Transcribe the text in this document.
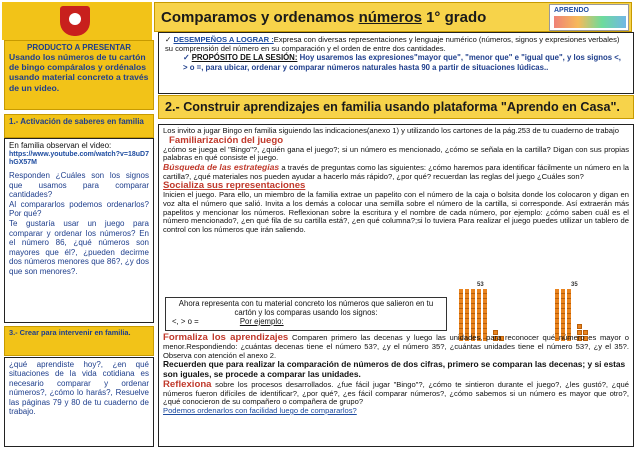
Comparamos y ordenamos números 1° grado	APRENDO
PRODUCTO A PRESENTAR

Usando los números de tu cartón de bingo compáralos y ordénalos usando material concreto a través de un video.

✓ DESEMPEÑOS A LOGRAR :Expresa con diversas representaciones y lenguaje numérico (números, signos y expresiones verbales) su comprensión del número en su comparación y el orden de entre dos cantidades.
✓ PROPÓSITO DE LA SESIÓN: Hoy usaremos las expresiones"mayor que", "menor que" e "igual que", y los signos <, > o =, para ubicar, ordenar y comparar números naturales hasta 90 a partir de situaciones lúdicas..
2.- Construir aprendizajes en familia usando plataforma "Aprendo en Casa".
1.- Activación de saberes en familia
En familia observan el video:
https://www.youtube.com/watch?v=18uD7hGX57M
Responden ¿Cuáles son los signos que usamos para comparar cantidades?
Al compararlos podemos ordenarlos? Por qué?
Te gustaría usar un juego para comparar y ordenar los números? En el número 86, ¿qué números son mayores que él?, ¿pueden decirme dos números menores que 86?, ¿y dos que son menores?.
3.- Crear para intervenir en familia.
¿qué aprendiste hoy?, ¿en qué situaciones de la vida cotidiana es necesario comparar y ordenar números?, ¿cómo lo harás?, Resuelve las páginas 79 y 80 de tu cuaderno de trabajo.
Los invito a jugar Bingo en familia siguiendo las indicaciones(anexo 1) y utilizando los cartones de la pág.253 de tu cuaderno de trabajo
Familiarización del juego
¿cómo se juega el "Bingo"?, ¿quién gana el juego?; si un número es mencionado, ¿cómo se señala en la cartilla? Digan con sus propias palabras en qué consiste el juego.
Búsqueda de las estrategias a través de preguntas como las siguientes: ¿cómo haremos para identificar fácilmente un número en la cartilla?, ¿qué materiales nos pueden ayudar a hacerlo más rápido?, ¿por qué? recuerdan las reglas del juego ¿Cuáles son?
Socializa sus representaciones
Inicien el juego. Para ello, un miembro de la familia extrae un papelito con el número de la caja o bolsita donde los colocaron y digan en voz alta el número que salió. Invita a los demás a colocar una semilla sobre el número de la cartilla, si corresponde. Así extraerán más papelitos y mencionar los números. Reflexionan sobre la escritura y el nombre de cada número, por ejemplo: ¿cómo saben cuál es el número mencionado?, ¿en qué fila de su cartilla está?, ¿en qué columna?;si lo tuviera Para realizar el juego puedes utilizar un tablero de control con los números que irán saliendo.
Ahora representa con tu material concreto los números que salieron en tu cartón y los comparas usando los signos:
<, > o =	Por ejemplo:
53	35
Formaliza los aprendizajes Comparen primero las decenas y luego las unidades, para reconocer qué número es mayor o menor.Respondiendo: ¿cuántas decenas tiene el número 53?, ¿y el número 35?, ¿cuántas unidades tiene el número 53?, ¿y el 35?. Observa con atención el anexo 2.
Recuerden que para realizar la comparación de números de dos cifras, primero se comparan las decenas; y si estas son iguales, se procede a comparar las unidades.
Reflexiona sobre los procesos desarrollados. ¿fue fácil jugar "Bingo"?, ¿cómo te sintieron durante el juego?, ¿les gustó?, ¿qué números fueron difíciles de identificar?, ¿por qué?, ¿es fácil comparar números?, ¿cómo sabemos si un número es mayor que otro?, ¿qué conocieron de su compañero o compañera de grupo?
Podemos ordenarlos con facilidad luego de compararlos?
